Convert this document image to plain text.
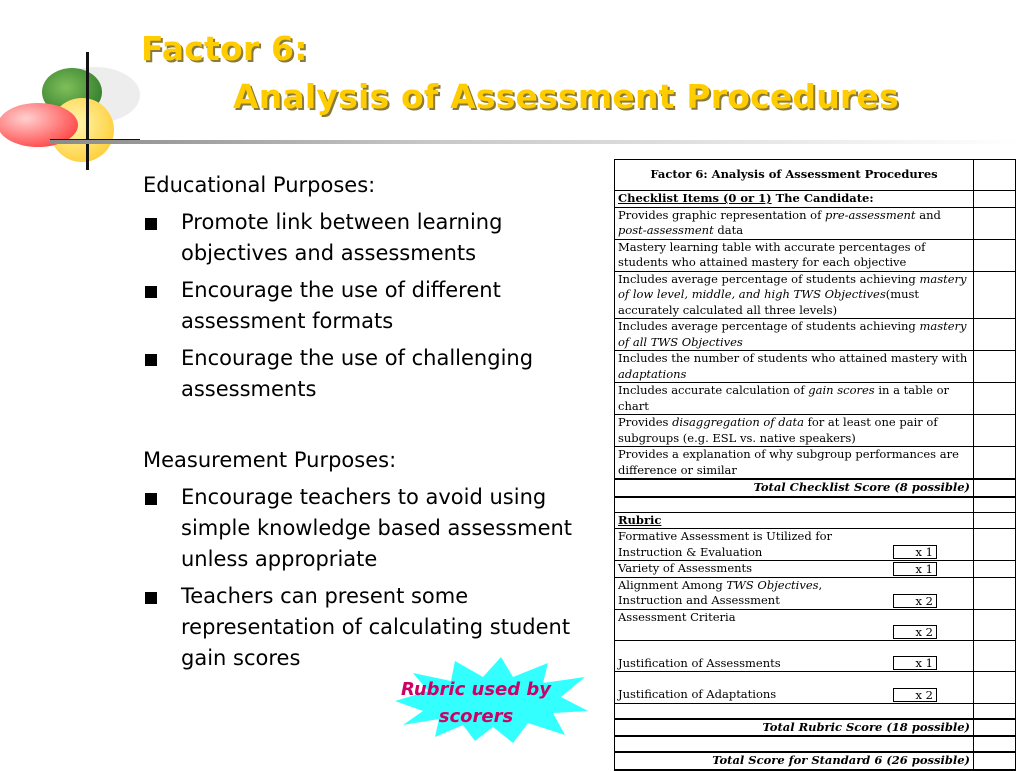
Factor 6:
Analysis of Assessment Procedures

Educational Purposes:

Promote link between learning objectives and assessments
Encourage the use of different assessment formats
Encourage the use of challenging assessments

Measurement Purposes:

Encourage teachers to avoid using simple knowledge based assessment unless appropriate
Teachers can present some representation of calculating student gain scores
Factor 6: Analysis of Assessment Procedures	
Checklist Items (0 or 1) The Candidate:	
Provides graphic representation of pre-assessment and post-assessment data	
Mastery learning table with accurate percentages of students who attained mastery for each objective	
Includes average percentage of students achieving mastery of low level, middle, and high TWS Objectives(must accurately calculated all three levels)	
Includes average percentage of students achieving mastery of all TWS Objectives	
Includes the number of students who attained mastery with adaptations	
Includes accurate calculation of gain scores in a table or chart	
Provides disaggregation of data for at least one pair of subgroups (e.g. ESL vs. native speakers)	
Provides a explanation of why subgroup performances are difference or similar	
Total Checklist Score (8 possible)	

Rubric	

Formative Assessment is Utilized for Instruction & Evaluation ___ x 1	

Variety of Assessments ___ x 1	

Alignment Among TWS Objectives, Instruction and Assessment ___ x 2	

Assessment Criteria
___ x 2	

Justification of Assessments ___ x 1	

Justification of Adaptations ___ x 2	

Total Rubric Score (18 possible)	

Total Score for Standard 6 (26 possible)	
Rubric used by scorers
